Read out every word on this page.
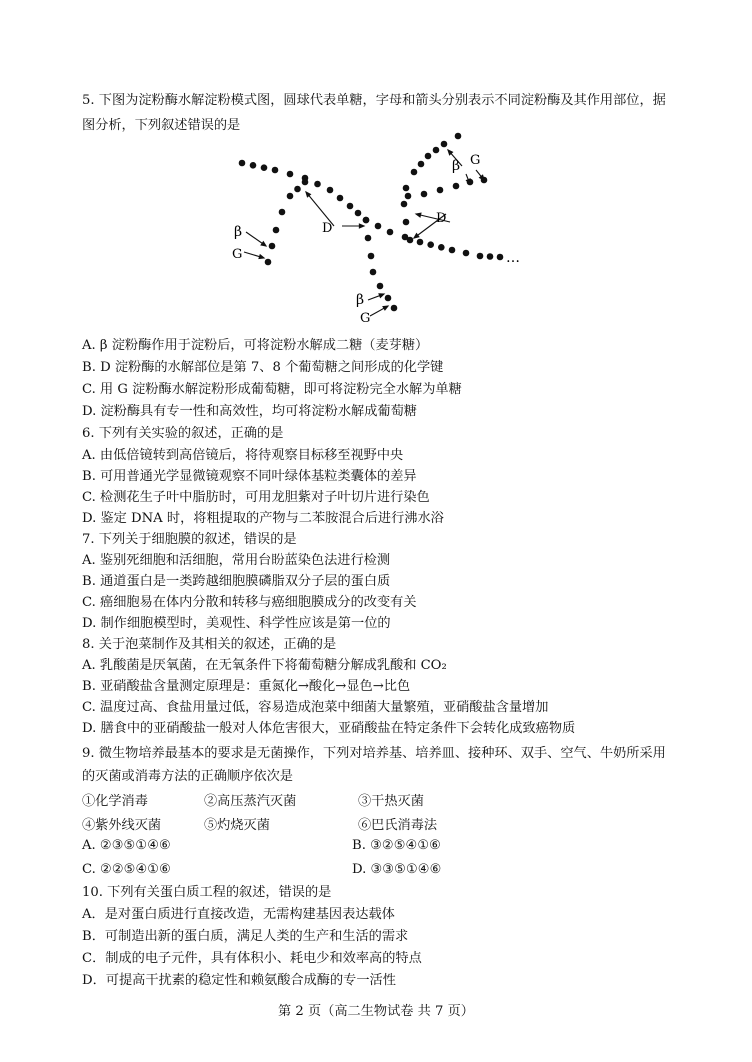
5. 下图为淀粉酶水解淀粉模式图，圆球代表单糖，字母和箭头分别表示不同淀粉酶及其作用部位，据图分析，下列叙述错误的是
β
G
D
β G
D
β
G
…
A. β 淀粉酶作用于淀粉后，可将淀粉水解成二糖（麦芽糖）
B. D 淀粉酶的水解部位是第 7、8 个葡萄糖之间形成的化学键
C. 用 G 淀粉酶水解淀粉形成葡萄糖，即可将淀粉完全水解为单糖
D. 淀粉酶具有专一性和高效性，均可将淀粉水解成葡萄糖
6. 下列有关实验的叙述，正确的是
A. 由低倍镜转到高倍镜后，将待观察目标移至视野中央
B. 可用普通光学显微镜观察不同叶绿体基粒类囊体的差异
C. 检测花生子叶中脂肪时，可用龙胆紫对子叶切片进行染色
D. 鉴定 DNA 时，将粗提取的产物与二苯胺混合后进行沸水浴
7. 下列关于细胞膜的叙述，错误的是
A. 鉴别死细胞和活细胞，常用台盼蓝染色法进行检测
B. 通道蛋白是一类跨越细胞膜磷脂双分子层的蛋白质
C. 癌细胞易在体内分散和转移与癌细胞膜成分的改变有关
D. 制作细胞模型时，美观性、科学性应该是第一位的
8. 关于泡菜制作及其相关的叙述，正确的是
A. 乳酸菌是厌氧菌，在无氧条件下将葡萄糖分解成乳酸和 CO₂
B. 亚硝酸盐含量测定原理是：重氮化→酸化→显色→比色
C. 温度过高、食盐用量过低，容易造成泡菜中细菌大量繁殖，亚硝酸盐含量增加
D. 膳食中的亚硝酸盐一般对人体危害很大，亚硝酸盐在特定条件下会转化成致癌物质
9. 微生物培养最基本的要求是无菌操作，下列对培养基、培养皿、接种环、双手、空气、牛奶所采用的灭菌或消毒方法的正确顺序依次是
①化学消毒	②高压蒸汽灭菌	③干热灭菌
④紫外线灭菌	⑤灼烧灭菌	⑥巴氏消毒法
A. ②③⑤①④⑥	B. ③②⑤④①⑥
C. ②②⑤④①⑥	D. ③③⑤①④⑥
10. 下列有关蛋白质工程的叙述，错误的是
A．是对蛋白质进行直接改造，无需构建基因表达载体
B．可制造出新的蛋白质，满足人类的生产和生活的需求
C．制成的电子元件，具有体积小、耗电少和效率高的特点
D．可提高干扰素的稳定性和赖氨酸合成酶的专一活性
第 2 页（高二生物试卷 共 7 页）
